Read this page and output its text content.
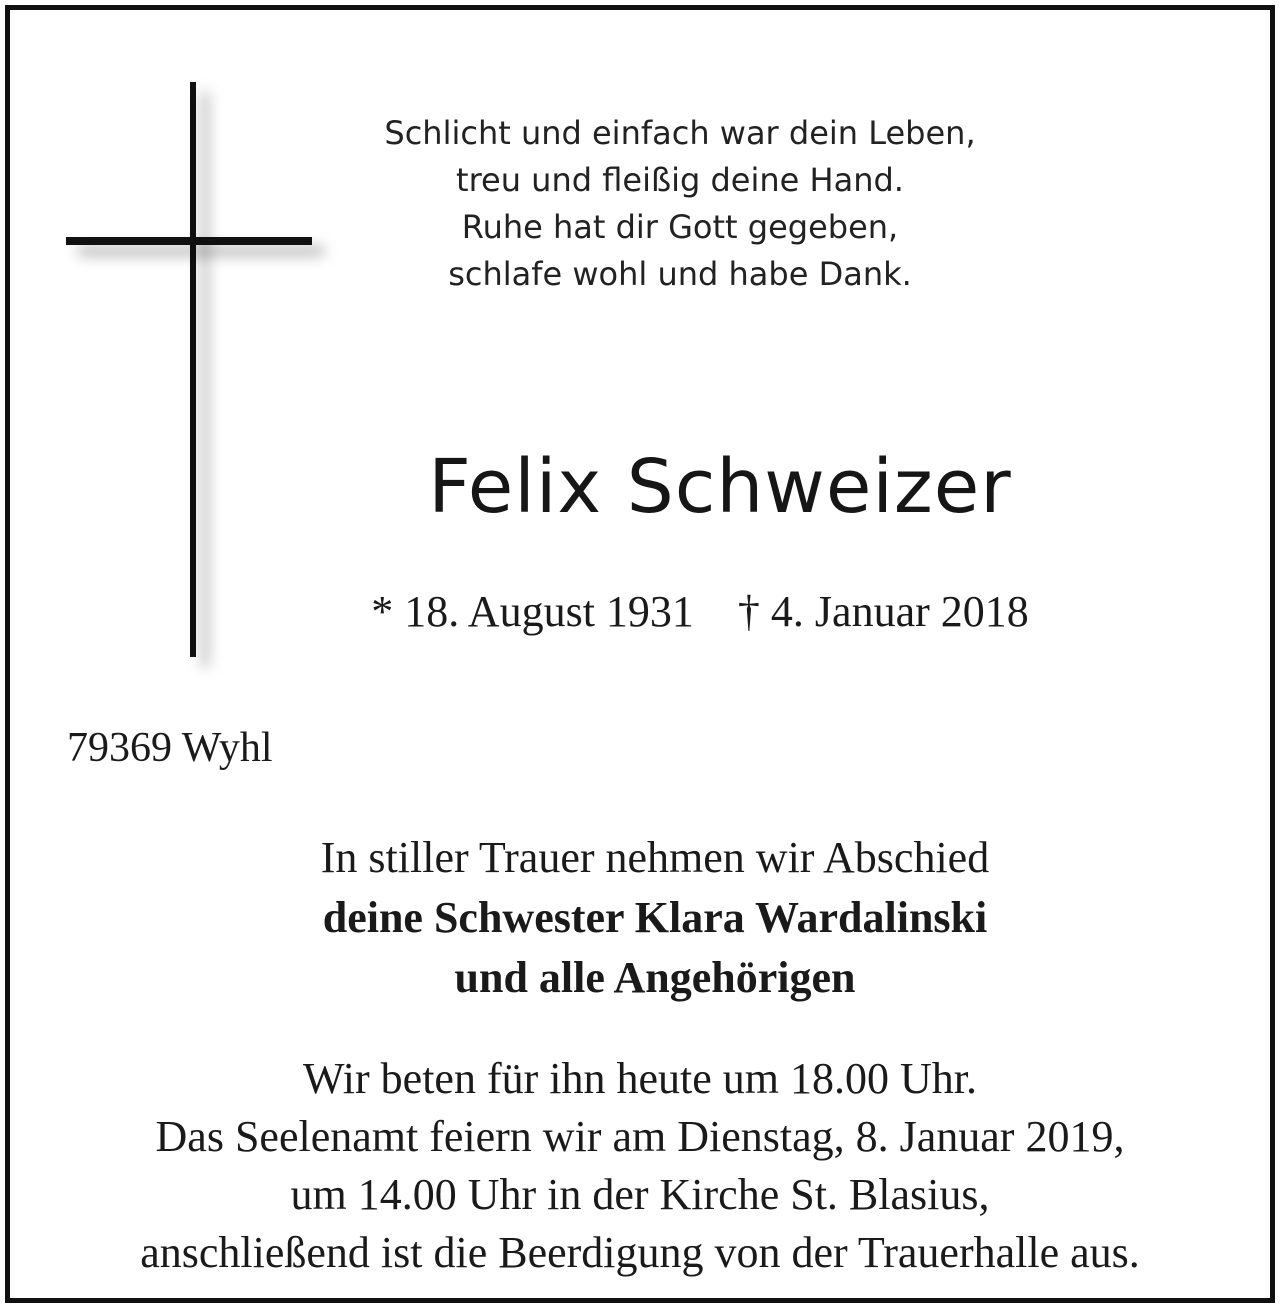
Schlicht und einfach war dein Leben,
treu und fleißig deine Hand.
Ruhe hat dir Gott gegeben,
schlafe wohl und habe Dank.
Felix Schweizer
* 18. August 1931 † 4. Januar 2018
79369 Wyhl
In stiller Trauer nehmen wir Abschied
deine Schwester Klara Wardalinski
und alle Angehörigen
Wir beten für ihn heute um 18.00 Uhr.
Das Seelenamt feiern wir am Dienstag, 8. Januar 2019,
um 14.00 Uhr in der Kirche St. Blasius,
anschließend ist die Beerdigung von der Trauerhalle aus.
